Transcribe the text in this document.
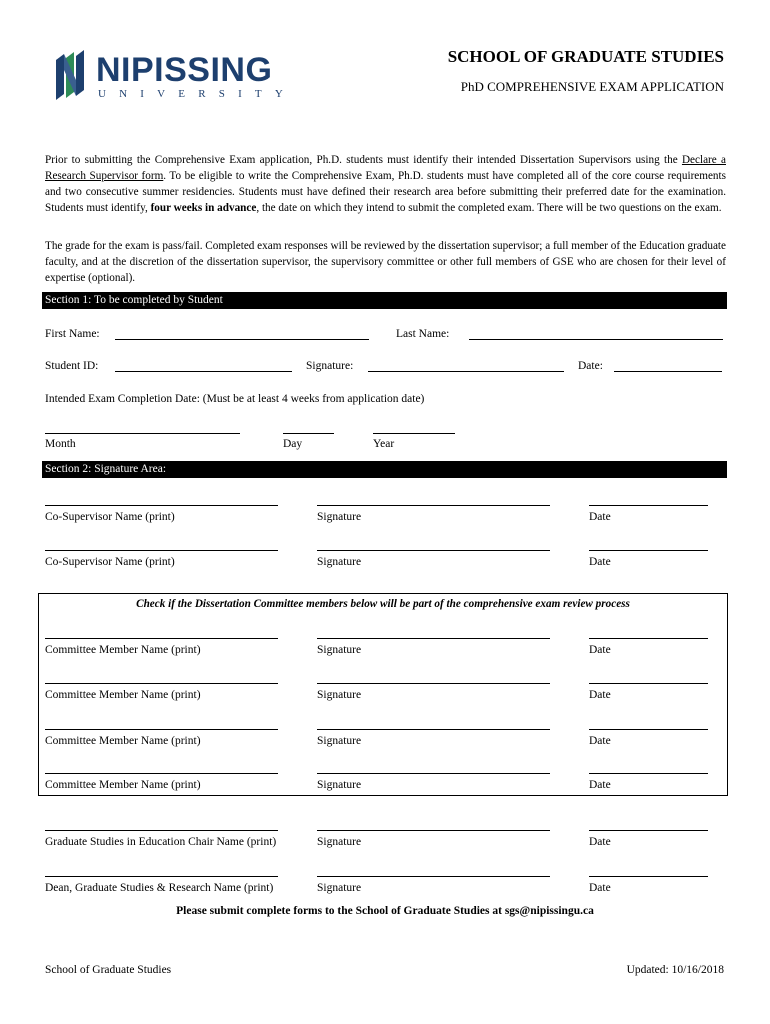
NIPISSING
UNIVERSITY
SCHOOL OF GRADUATE STUDIES
PhD COMPREHENSIVE EXAM APPLICATION
Prior to submitting the Comprehensive Exam application, Ph.D. students must identify their intended Dissertation Supervisors using the Declare a Research Supervisor form. To be eligible to write the Comprehensive Exam, Ph.D. students must have completed all of the core course requirements and two consecutive summer residencies. Students must have defined their research area before submitting their preferred date for the examination. Students must identify, four weeks in advance, the date on which they intend to submit the completed exam. There will be two questions on the exam.
The grade for the exam is pass/fail. Completed exam responses will be reviewed by the dissertation supervisor; a full member of the Education graduate faculty, and at the discretion of the dissertation supervisor, the supervisory committee or other full members of GSE who are chosen for their level of expertise (optional).
Section 1: To be completed by Student
First Name:	Last Name:
Student ID:	Signature:	Date:
Intended Exam Completion Date: (Must be at least 4 weeks from application date)
Month	Day	Year
Section 2: Signature Area:
Co-Supervisor Name (print)	Signature	Date
Co-Supervisor Name (print)	Signature	Date
Check if the Dissertation Committee members below will be part of the comprehensive exam review process
Committee Member Name (print)	Signature	Date
Committee Member Name (print)	Signature	Date
Committee Member Name (print)	Signature	Date
Committee Member Name (print)	Signature	Date
Graduate Studies in Education Chair Name (print)	Signature	Date
Dean, Graduate Studies & Research Name (print)	Signature	Date
Please submit complete forms to the School of Graduate Studies at sgs@nipissingu.ca
School of Graduate Studies	Updated: 10/16/2018
